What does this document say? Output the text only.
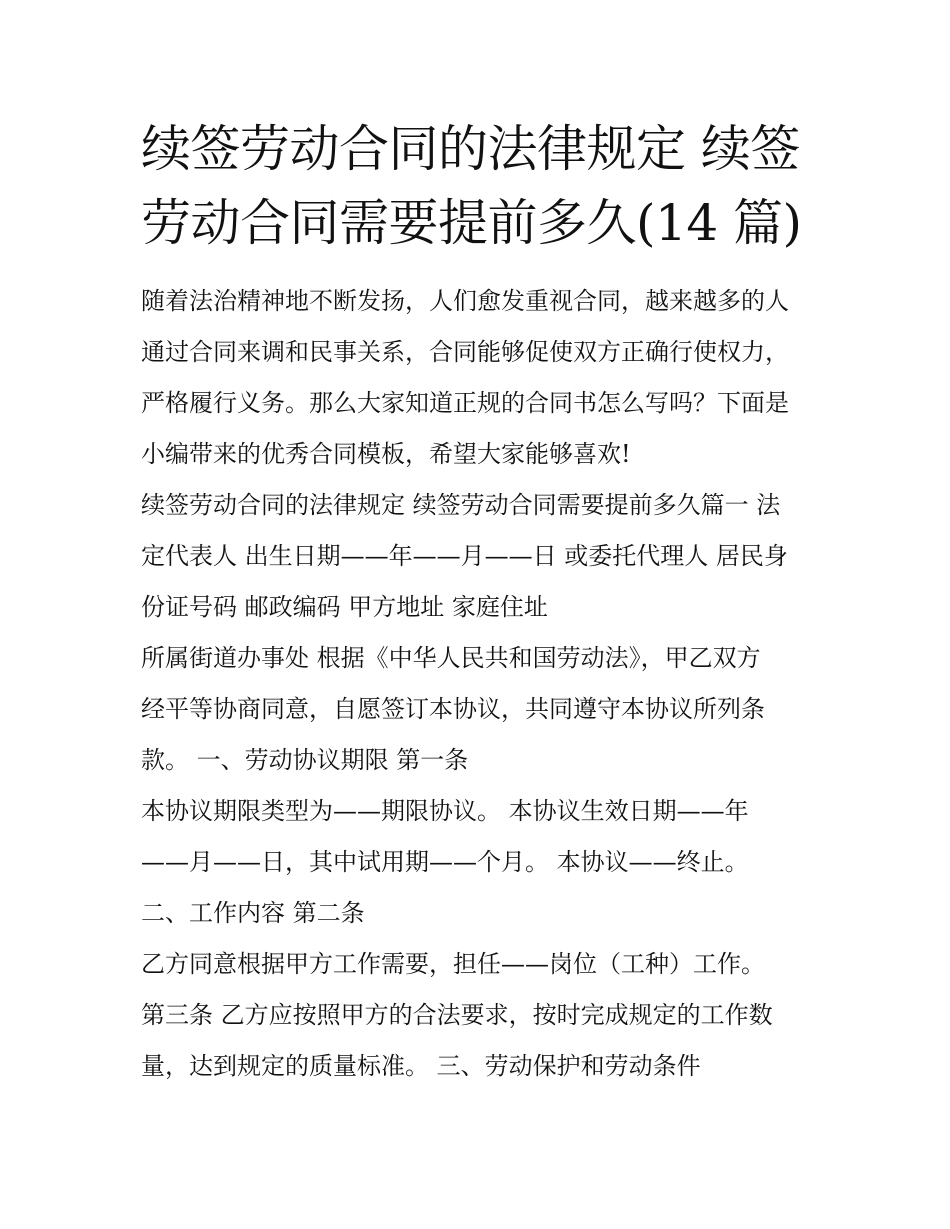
续签劳动合同的法律规定 续签
劳动合同需要提前多久(14 篇)

随着法治精神地不断发扬，人们愈发重视合同，越来越多的人
通过合同来调和民事关系，合同能够促使双方正确行使权力，
严格履行义务。那么大家知道正规的合同书怎么写吗？下面是
小编带来的优秀合同模板，希望大家能够喜欢!

续签劳动合同的法律规定 续签劳动合同需要提前多久篇一 法
定代表人 出生日期——年——月——日 或委托代理人 居民身
份证号码 邮政编码 甲方地址 家庭住址

所属街道办事处 根据《中华人民共和国劳动法》，甲乙双方
经平等协商同意，自愿签订本协议，共同遵守本协议所列条
款。 一、劳动协议期限 第一条

本协议期限类型为——期限协议。 本协议生效日期——年
——月——日，其中试用期——个月。 本协议——终止。

二、工作内容 第二条

乙方同意根据甲方工作需要，担任——岗位（工种）工作。

第三条 乙方应按照甲方的合法要求，按时完成规定的工作数
量，达到规定的质量标准。 三、劳动保护和劳动条件
